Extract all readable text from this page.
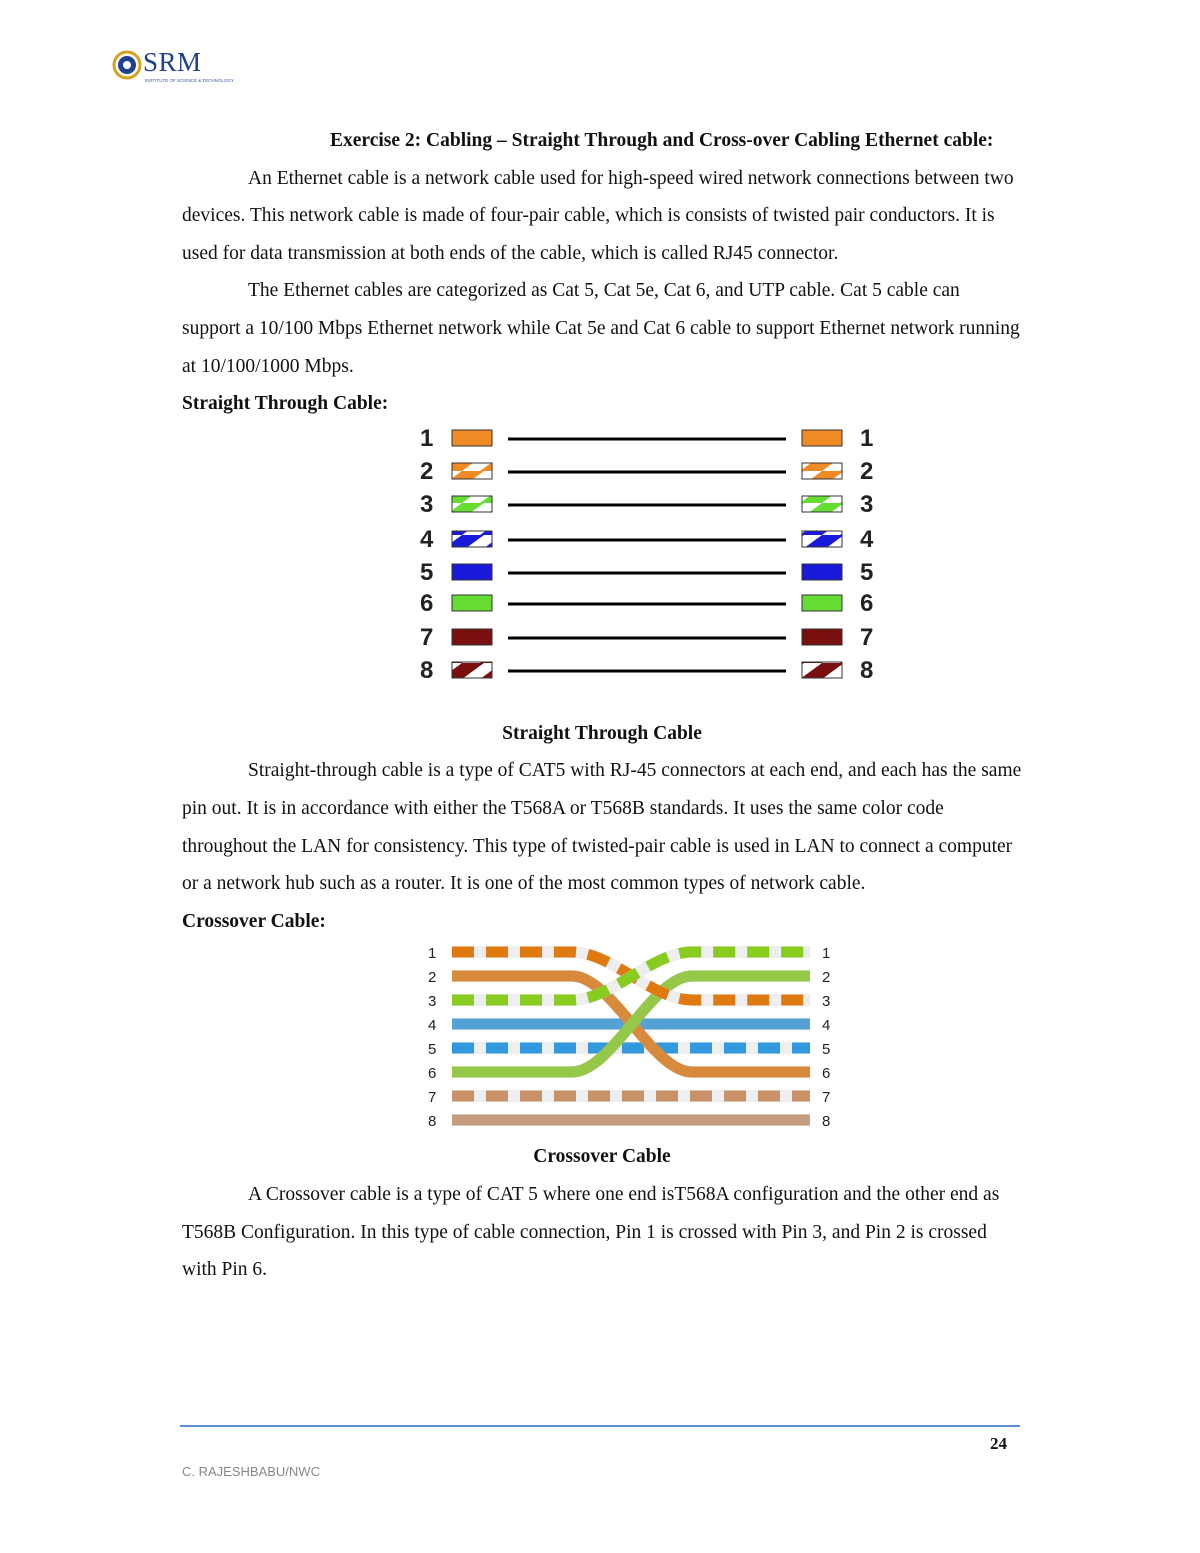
SRM
INSTITUTE OF SCIENCE & TECHNOLOGY

Exercise 2: Cabling – Straight Through and Cross-over Cabling Ethernet cable:

An Ethernet cable is a network cable used for high-speed wired network connections between two devices. This network cable is made of four-pair cable, which is consists of twisted pair conductors. It is used for data transmission at both ends of the cable, which is called RJ45 connector.

The Ethernet cables are categorized as Cat 5, Cat 5e, Cat 6, and UTP cable. Cat 5 cable can support a 10/100 Mbps Ethernet network while Cat 5e and Cat 6 cable to support Ethernet network running at 10/100/1000 Mbps.

Straight Through Cable:

1	1
2	2
3	3
4	4
5	5
6	6
7	7
8	8

Straight Through Cable

Straight-through cable is a type of CAT5 with RJ-45 connectors at each end, and each has the same pin out. It is in accordance with either the T568A or T568B standards. It uses the same color code throughout the LAN for consistency. This type of twisted-pair cable is used in LAN to connect a computer or a network hub such as a router. It is one of the most common types of network cable.

Crossover Cable:

1	1
2	2
3	3
4	4
5	5
6	6
7	7
8	8

Crossover Cable

A Crossover cable is a type of CAT 5 where one end isT568A configuration and the other end as T568B Configuration. In this type of cable connection, Pin 1 is crossed with Pin 3, and Pin 2 is crossed with Pin 6.

24
C. RAJESHBABU/NWC
